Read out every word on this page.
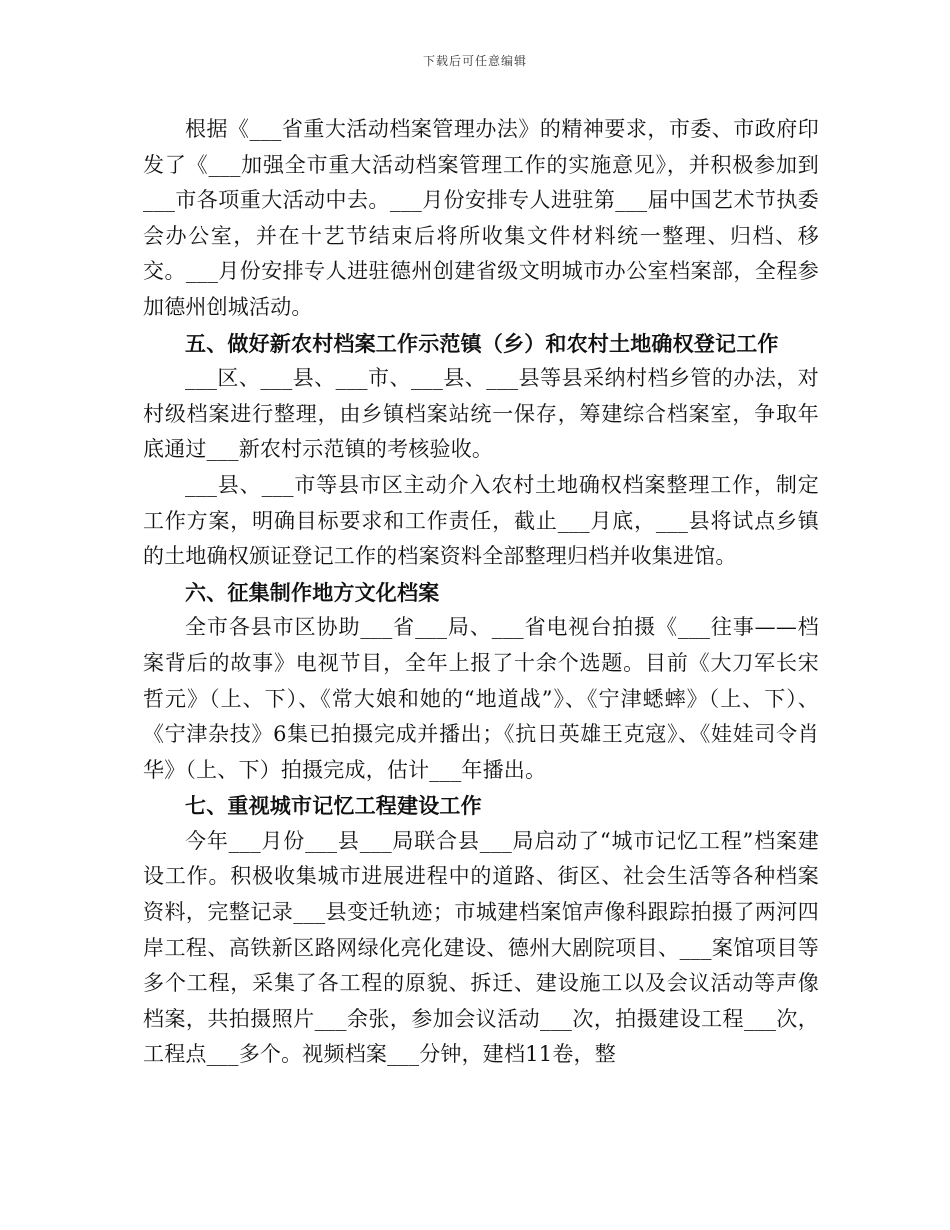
下载后可任意编辑

根据《___省重大活动档案管理办法》的精神要求，市委、市政府印发了《___加强全市重大活动档案管理工作的实施意见》，并积极参加到___市各项重大活动中去。___月份安排专人进驻第___届中国艺术节执委会办公室，并在十艺节结束后将所收集文件材料统一整理、归档、移交。___月份安排专人进驻德州创建省级文明城市办公室档案部，全程参加德州创城活动。

五、做好新农村档案工作示范镇（乡）和农村土地确权登记工作

___区、___县、___市、___县、___县等县采纳村档乡管的办法，对村级档案进行整理，由乡镇档案站统一保存，筹建综合档案室，争取年底通过___新农村示范镇的考核验收。

___县、___市等县市区主动介入农村土地确权档案整理工作，制定工作方案，明确目标要求和工作责任，截止___月底，___县将试点乡镇的土地确权颁证登记工作的档案资料全部整理归档并收集进馆。

六、征集制作地方文化档案

全市各县市区协助___省___局、___省电视台拍摄《___往事——档案背后的故事》电视节目，全年上报了十余个选题。目前《大刀军长宋哲元》（上、下）、《常大娘和她的“地道战”》、《宁津蟋蟀》（上、下）、《宁津杂技》6集已拍摄完成并播出；《抗日英雄王克寇》、《娃娃司令肖华》（上、下）拍摄完成，估计___年播出。

七、重视城市记忆工程建设工作

今年___月份___县___局联合县___局启动了“城市记忆工程”档案建设工作。积极收集城市进展进程中的道路、街区、社会生活等各种档案资料，完整记录___县变迁轨迹；市城建档案馆声像科跟踪拍摄了两河四岸工程、高铁新区路网绿化亮化建设、德州大剧院项目、___案馆项目等多个工程，采集了各工程的原貌、拆迁、建设施工以及会议活动等声像档案，共拍摄照片___余张，参加会议活动___次，拍摄建设工程___次，工程点___多个。视频档案___分钟，建档11卷，整
